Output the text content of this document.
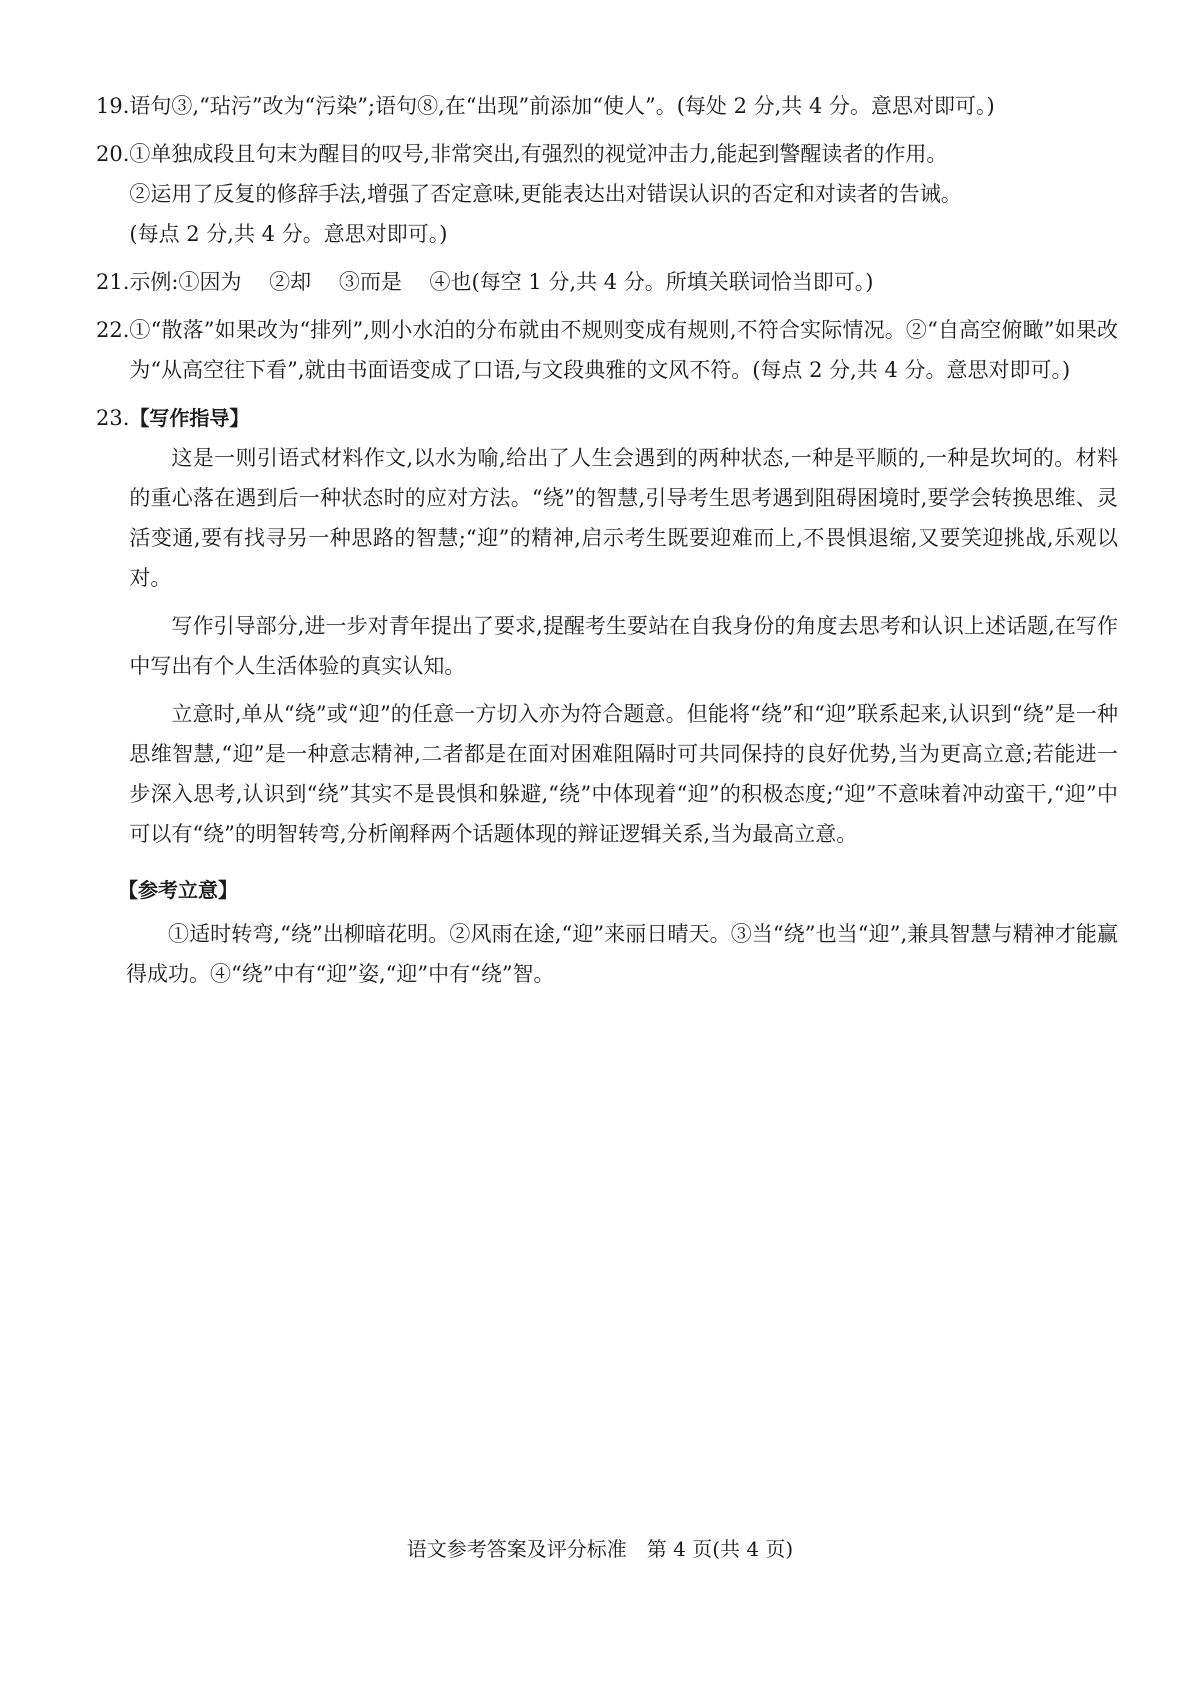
19. 语句③,“玷污”改为“污染”;语句⑧,在“出现”前添加“使人”。(每处 2 分,共 4 分。意思对即可。)

20. ①单独成段且句末为醒目的叹号,非常突出,有强烈的视觉冲击力,能起到警醒读者的作用。

②运用了反复的修辞手法,增强了否定意味,更能表达出对错误认识的否定和对读者的告诫。

(每点 2 分,共 4 分。意思对即可。)

21. 示例:①因为　 ②却　 ③而是　 ④也(每空 1 分,共 4 分。所填关联词恰当即可。)

22. ①“散落”如果改为“排列”,则小水泊的分布就由不规则变成有规则,不符合实际情况。②“自高空俯瞰”如果改为“从高空往下看”,就由书面语变成了口语,与文段典雅的文风不符。(每点 2 分,共 4 分。意思对即可。)

23. 【写作指导】

这是一则引语式材料作文,以水为喻,给出了人生会遇到的两种状态,一种是平顺的,一种是坎坷的。材料的重心落在遇到后一种状态时的应对方法。“绕”的智慧,引导考生思考遇到阻碍困境时,要学会转换思维、灵活变通,要有找寻另一种思路的智慧;“迎”的精神,启示考生既要迎难而上,不畏惧退缩,又要笑迎挑战,乐观以对。

写作引导部分,进一步对青年提出了要求,提醒考生要站在自我身份的角度去思考和认识上述话题,在写作中写出有个人生活体验的真实认知。

立意时,单从“绕”或“迎”的任意一方切入亦为符合题意。但能将“绕”和“迎”联系起来,认识到“绕”是一种思维智慧,“迎”是一种意志精神,二者都是在面对困难阻隔时可共同保持的良好优势,当为更高立意;若能进一步深入思考,认识到“绕”其实不是畏惧和躲避,“绕”中体现着“迎”的积极态度;“迎”不意味着冲动蛮干,“迎”中可以有“绕”的明智转弯,分析阐释两个话题体现的辩证逻辑关系,当为最高立意。

【参考立意】

①适时转弯,“绕”出柳暗花明。②风雨在途,“迎”来丽日晴天。③当“绕”也当“迎”,兼具智慧与精神才能赢得成功。④“绕”中有“迎”姿,“迎”中有“绕”智。

语文参考答案及评分标准　第 4 页(共 4 页)
